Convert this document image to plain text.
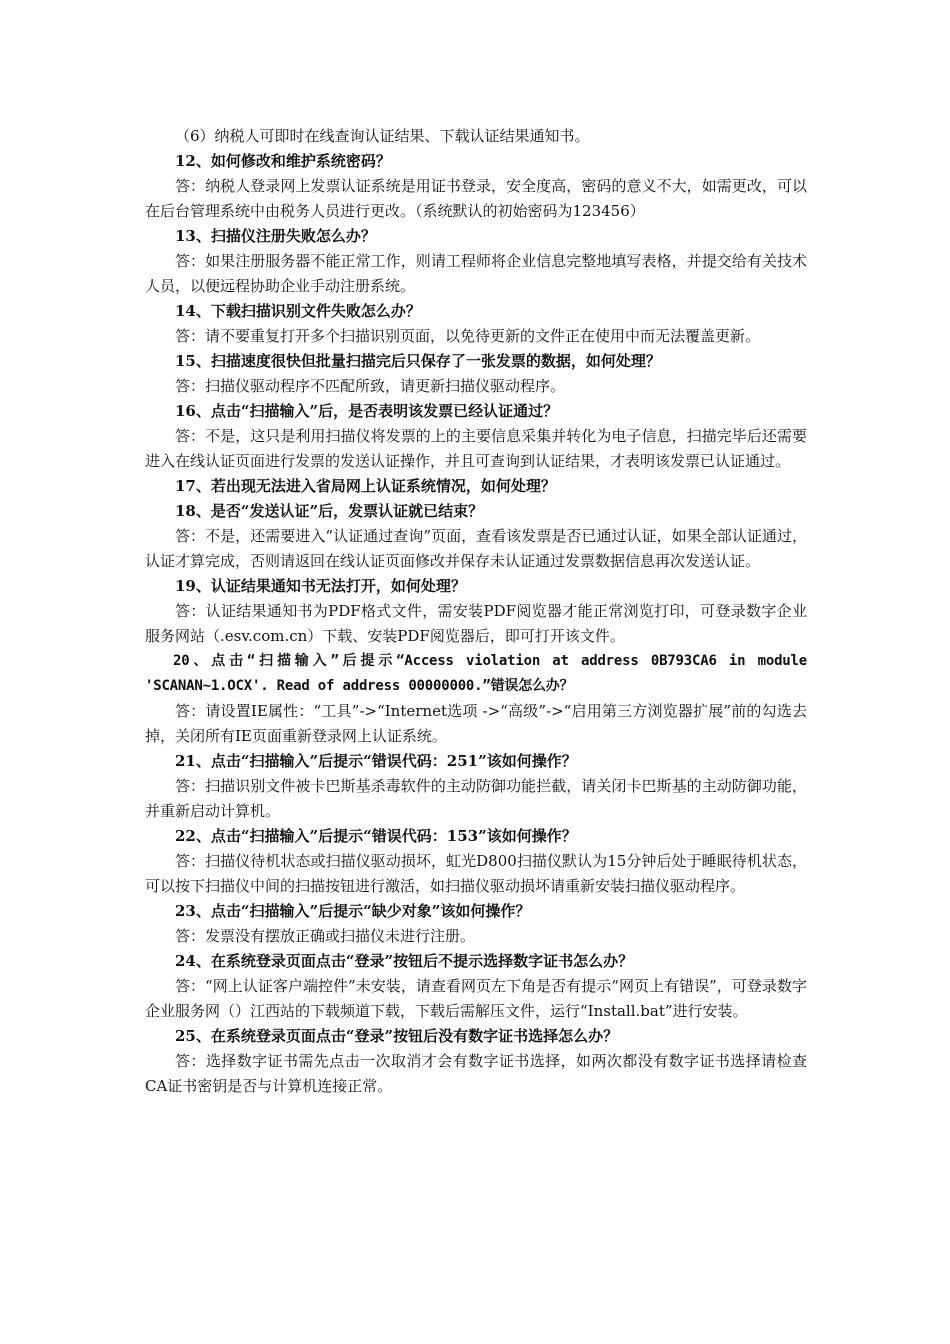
（6）纳税人可即时在线查询认证结果、下载认证结果通知书。

12、如何修改和维护系统密码？

答：纳税人登录网上发票认证系统是用证书登录，安全度高，密码的意义不大，如需更改，可以在后台管理系统中由税务人员进行更改。（系统默认的初始密码为123456）

13、扫描仪注册失败怎么办？

答：如果注册服务器不能正常工作，则请工程师将企业信息完整地填写表格，并提交给有关技术人员，以便远程协助企业手动注册系统。

14、下载扫描识别文件失败怎么办？

答：请不要重复打开多个扫描识别页面，以免待更新的文件正在使用中而无法覆盖更新。

15、扫描速度很快但批量扫描完后只保存了一张发票的数据，如何处理？

答：扫描仪驱动程序不匹配所致，请更新扫描仪驱动程序。

16、点击“扫描输入”后，是否表明该发票已经认证通过？

答：不是，这只是利用扫描仪将发票的上的主要信息采集并转化为电子信息，扫描完毕后还需要进入在线认证页面进行发票的发送认证操作，并且可查询到认证结果，才表明该发票已认证通过。

17、若出现无法进入省局网上认证系统情况，如何处理？

18、是否“发送认证”后，发票认证就已结束？

答：不是，还需要进入“认证通过查询”页面，查看该发票是否已通过认证，如果全部认证通过，认证才算完成，否则请返回在线认证页面修改并保存未认证通过发票数据信息再次发送认证。

19、认证结果通知书无法打开，如何处理？

答：认证结果通知书为PDF格式文件，需安装PDF阅览器才能正常浏览打印，可登录数字企业服务网站（.esv.com.cn）下载、安装PDF阅览器后，即可打开该文件。

20、点击“扫描输入”后提示“Access violation at address 0B793CA6 in module 'SCANAN~1.OCX'. Read of address 00000000.”错误怎么办？

答：请设置IE属性：“工具”->“Internet选项 ->“高级”->“启用第三方浏览器扩展”前的勾选去掉，关闭所有IE页面重新登录网上认证系统。

21、点击“扫描输入”后提示“错误代码：251”该如何操作？

答：扫描识别文件被卡巴斯基杀毒软件的主动防御功能拦截，请关闭卡巴斯基的主动防御功能，并重新启动计算机。

22、点击“扫描输入”后提示“错误代码：153”该如何操作？

答：扫描仪待机状态或扫描仪驱动损坏，虹光D800扫描仪默认为15分钟后处于睡眠待机状态，可以按下扫描仪中间的扫描按钮进行激活，如扫描仪驱动损坏请重新安装扫描仪驱动程序。

23、点击“扫描输入”后提示“缺少对象”该如何操作？

答：发票没有摆放正确或扫描仪未进行注册。

24、在系统登录页面点击“登录”按钮后不提示选择数字证书怎么办？

答：“网上认证客户端控件”未安装，请查看网页左下角是否有提示“网页上有错误”，可登录数字企业服务网（）江西站的下载频道下载，下载后需解压文件，运行“Install.bat”进行安装。

25、在系统登录页面点击“登录”按钮后没有数字证书选择怎么办？

答：选择数字证书需先点击一次取消才会有数字证书选择，如两次都没有数字证书选择请检查CA证书密钥是否与计算机连接正常。
